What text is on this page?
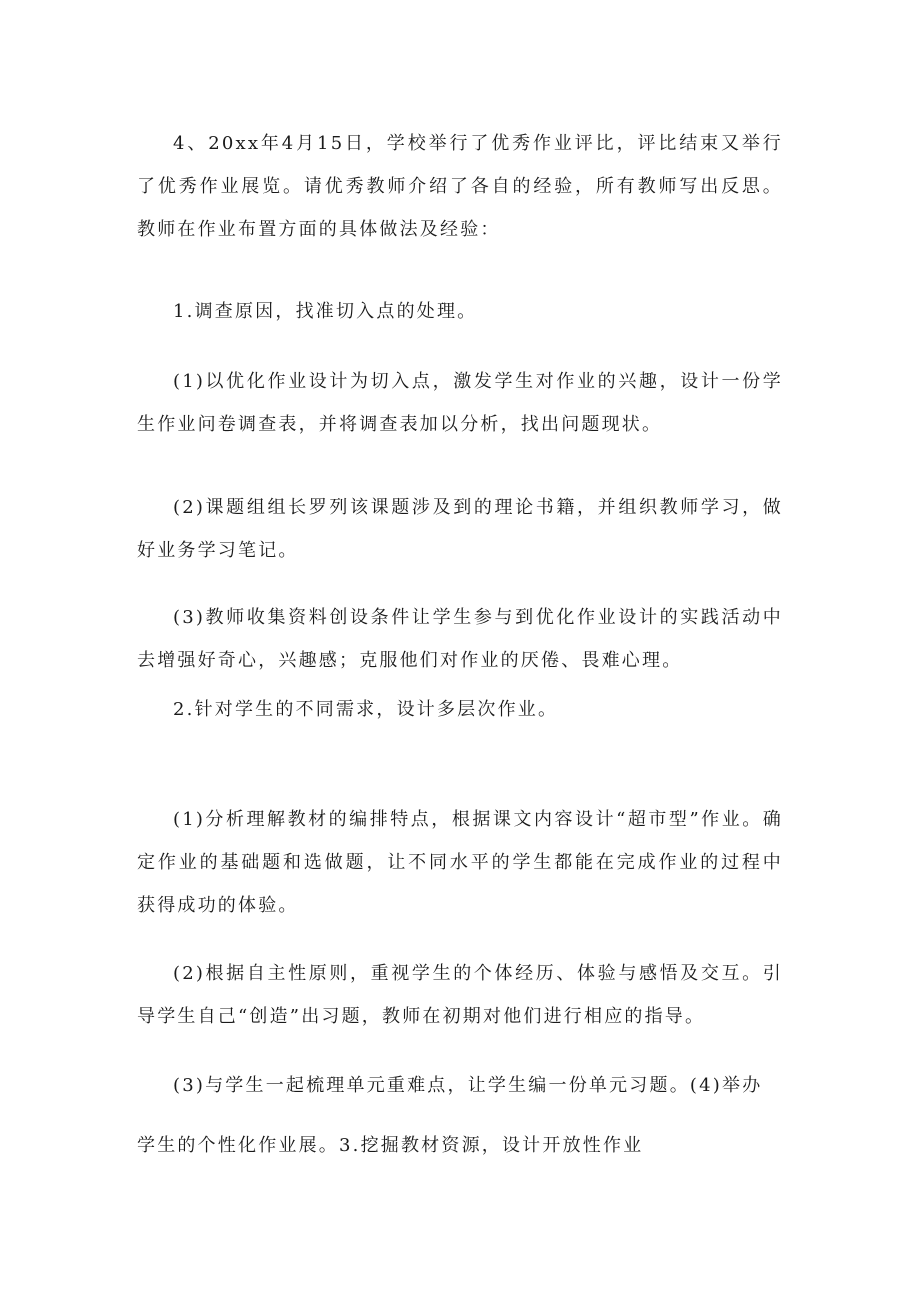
4、20xx年4月15日，学校举行了优秀作业评比，评比结束又举行了优秀作业展览。请优秀教师介绍了各自的经验，所有教师写出反思。教师在作业布置方面的具体做法及经验：

1.调查原因，找准切入点的处理。

(1)以优化作业设计为切入点，激发学生对作业的兴趣，设计一份学生作业问卷调查表，并将调查表加以分析，找出问题现状。

(2)课题组组长罗列该课题涉及到的理论书籍，并组织教师学习，做好业务学习笔记。

(3)教师收集资料创设条件让学生参与到优化作业设计的实践活动中去增强好奇心，兴趣感；克服他们对作业的厌倦、畏难心理。

2.针对学生的不同需求，设计多层次作业。

(1)分析理解教材的编排特点，根据课文内容设计“超市型”作业。确定作业的基础题和选做题，让不同水平的学生都能在完成作业的过程中获得成功的体验。

(2)根据自主性原则，重视学生的个体经历、体验与感悟及交互。引导学生自己“创造”出习题，教师在初期对他们进行相应的指导。

(3)与学生一起梳理单元重难点，让学生编一份单元习题。(4)举办

学生的个性化作业展。3.挖掘教材资源，设计开放性作业
